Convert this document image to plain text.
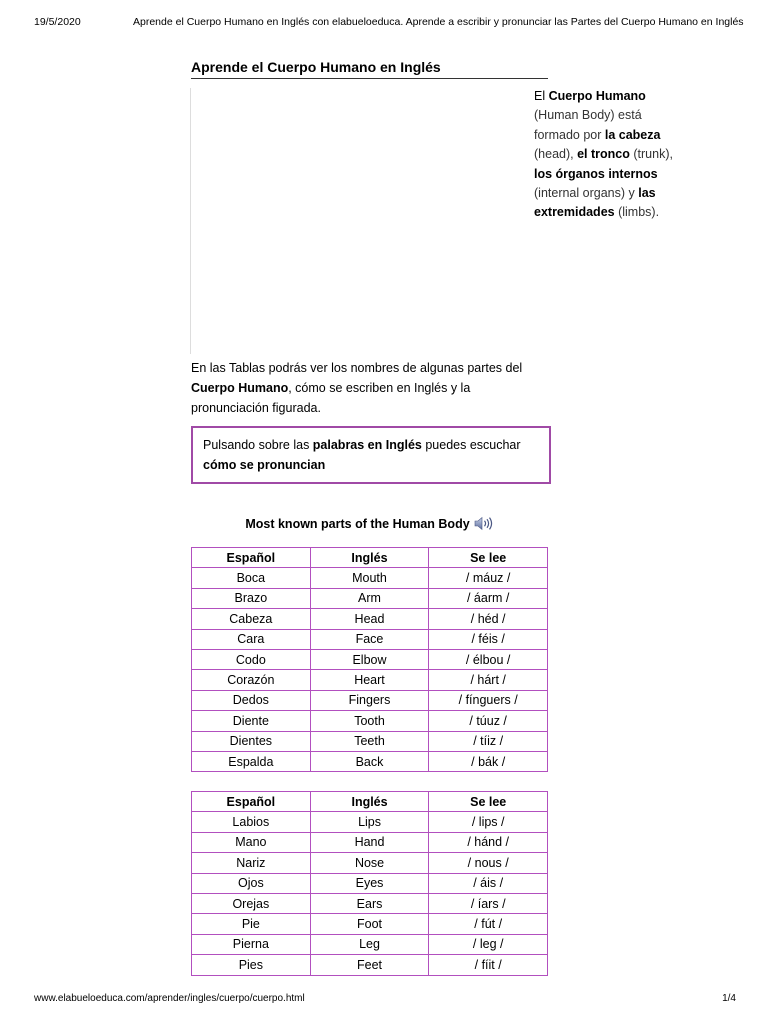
19/5/2020	Aprende el Cuerpo Humano en Inglés con elabueloeduca. Aprende a escribir y pronunciar las Partes del Cuerpo Humano en Inglés
Aprende el Cuerpo Humano en Inglés
El Cuerpo Humano (Human Body) está formado por la cabeza (head), el tronco (trunk), los órganos internos (internal organs) y las extremidades (limbs).
En las Tablas podrás ver los nombres de algunas partes del Cuerpo Humano, cómo se escriben en Inglés y la pronunciación figurada.
Pulsando sobre las palabras en Inglés puedes escuchar cómo se pronuncian
Most known parts of the Human Body
Español	Inglés	Se lee
Boca	Mouth	/ máuz /
Brazo	Arm	/ áarm /
Cabeza	Head	/ héd /
Cara	Face	/ féis /
Codo	Elbow	/ élbou /
Corazón	Heart	/ hárt /
Dedos	Fingers	/ fínguers /
Diente	Tooth	/ túuz /
Dientes	Teeth	/ tíiz /
Espalda	Back	/ bák /
Español	Inglés	Se lee
Labios	Lips	/ lips /
Mano	Hand	/ hánd /
Nariz	Nose	/ nous /
Ojos	Eyes	/ áis /
Orejas	Ears	/ íars /
Pie	Foot	/ fút /
Pierna	Leg	/ leg /
Pies	Feet	/ fíit /
www.elabueloeduca.com/aprender/ingles/cuerpo/cuerpo.html	1/4
